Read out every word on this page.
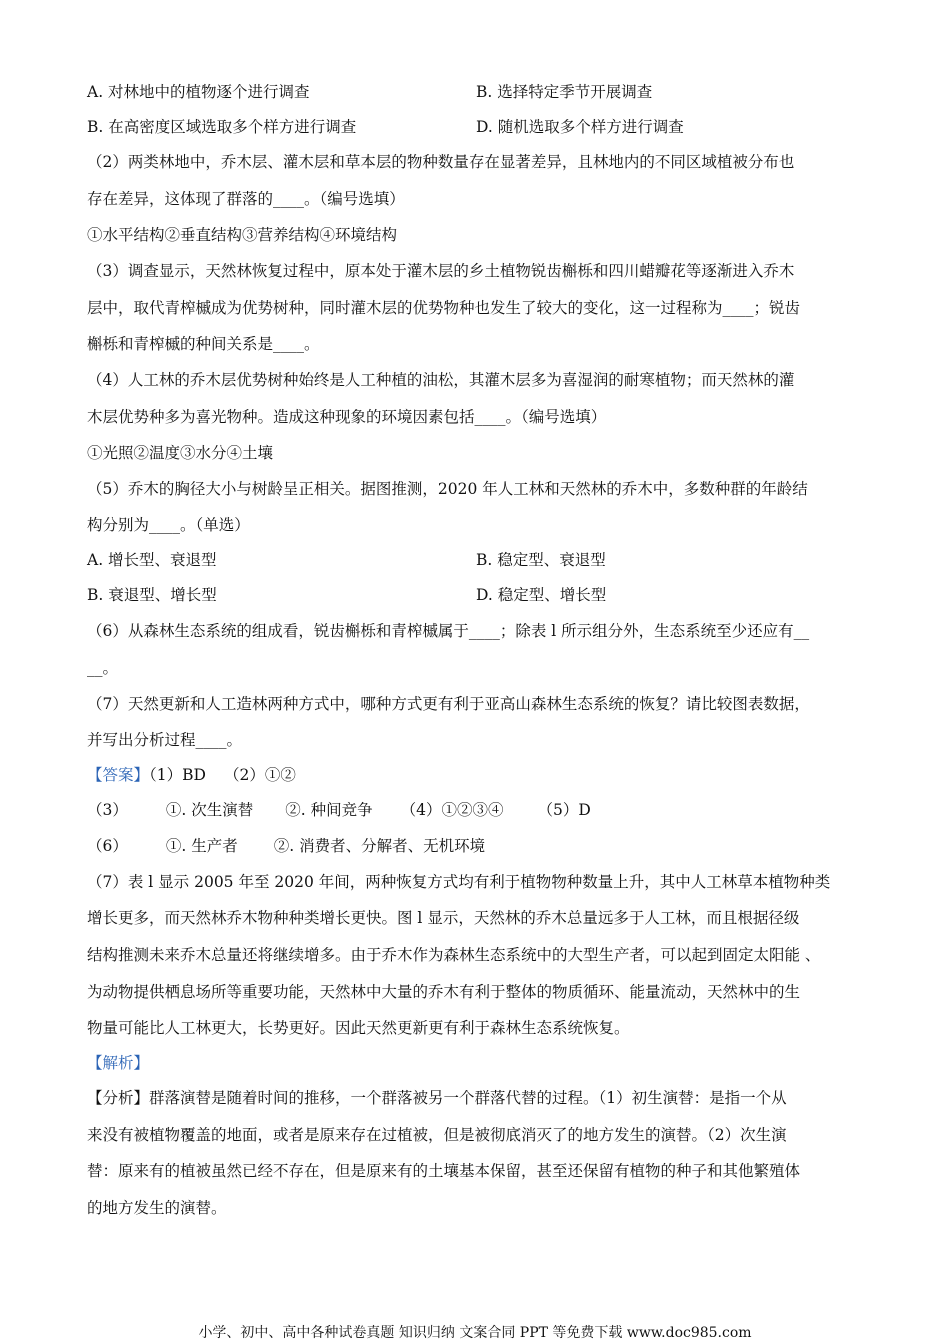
A. 对林地中的植物逐个进行调查	B. 选择特定季节开展调查
B. 在高密度区域选取多个样方进行调查	D. 随机选取多个样方进行调查
（2）两类林地中，乔木层、灌木层和草本层的物种数量存在显著差异，且林地内的不同区域植被分布也
存在差异，这体现了群落的____。（编号选填）
①水平结构②垂直结构③营养结构④环境结构
（3）调查显示，天然林恢复过程中，原本处于灌木层的乡土植物锐齿槲栎和四川蜡瓣花等逐渐进入乔木
层中，取代青榨槭成为优势树种，同时灌木层的优势物种也发生了较大的变化，这一过程称为____；锐齿
槲栎和青榨槭的种间关系是____。
（4）人工林的乔木层优势树种始终是人工种植的油松，其灌木层多为喜湿润的耐寒植物；而天然林的灌
木层优势种多为喜光物种。造成这种现象的环境因素包括____。（编号选填）
①光照②温度③水分④土壤
（5）乔木的胸径大小与树龄呈正相关。据图推测，2020 年人工林和天然林的乔木中，多数种群的年龄结
构分别为____。（单选）
A. 增长型、衰退型	B. 稳定型、衰退型
B. 衰退型、增长型	D. 稳定型、增长型
（6）从森林生态系统的组成看，锐齿槲栎和青榨槭属于____；除表 l 所示组分外，生态系统至少还应有__
__。
（7）天然更新和人工造林两种方式中，哪种方式更有利于亚高山森林生态系统的恢复？请比较图表数据，
并写出分析过程____。
【答案】（1）BD （2）①②
（3） ①. 次生演替 ②. 种间竞争 （4）①②③④ （5）D
（6） ①. 生产者 ②. 消费者、分解者、无机环境
（7）表 l 显示 2005 年至 2020 年间，两种恢复方式均有利于植物物种数量上升，其中人工林草本植物种类
增长更多，而天然林乔木物种种类增长更快。图 l 显示，天然林的乔木总量远多于人工林，而且根据径级
结构推测未来乔木总量还将继续增多。由于乔木作为森林生态系统中的大型生产者，可以起到固定太阳能 、
为动物提供栖息场所等重要功能，天然林中大量的乔木有利于整体的物质循环、能量流动，天然林中的生
物量可能比人工林更大，长势更好。因此天然更新更有利于森林生态系统恢复。
【解析】
【分析】群落演替是随着时间的推移，一个群落被另一个群落代替的过程。（1）初生演替：是指一个从
来没有被植物覆盖的地面，或者是原来存在过植被，但是被彻底消灭了的地方发生的演替。（2）次生演
替：原来有的植被虽然已经不存在，但是原来有的土壤基本保留，甚至还保留有植物的种子和其他繁殖体
的地方发生的演替。
小学、初中、高中各种试卷真题 知识归纳 文案合同 PPT 等免费下载 www.doc985.com
